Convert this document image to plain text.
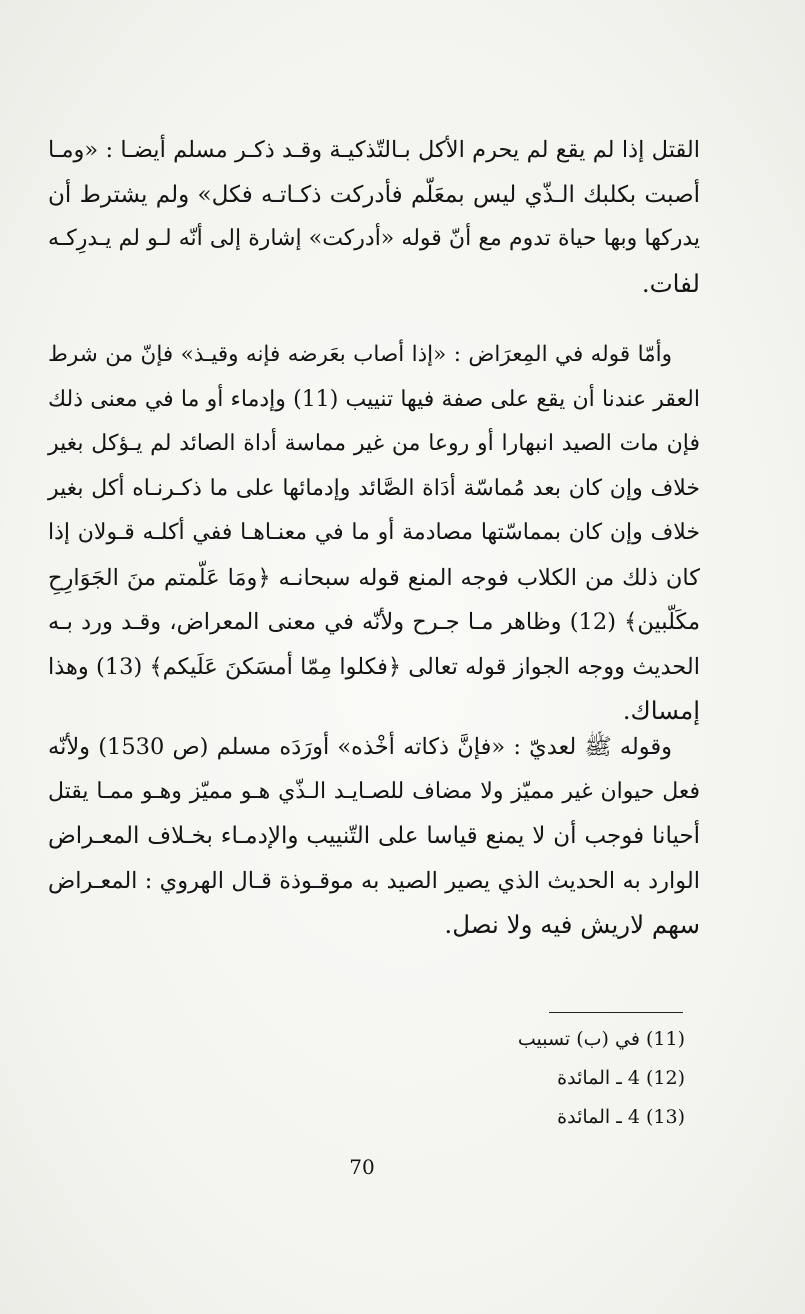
القتل إذا لم يقع لم يحرم الأكل بـالتّذكيـة وقـد ذكـر مسلم أيضـا : «ومـا
أصبت بكلبك الـذّي ليس بمعَلّم فأدركت ذكـاتـه فكل» ولم يشترط أن
يدركها وبها حياة تدوم مع أنّ قوله «أدركت» إشارة إلى أنّه لـو لم يـدرِكـه
لفات.
وأمّا قوله في المِعرَاض : «إذا أصاب بعَرضه فإنه وقيـذ» فإنّ من شرط
العقر عندنا أن يقع على صفة فيها تنييب (11) وإدماء أو ما في معنى ذلك
فإن مات الصيد انبهارا أو روعا من غير مماسة أداة الصائد لم يـؤكل بغير
خلاف وإن كان بعد مُماسّة أدَاة الصَّائد وإدمائها على ما ذكـرنـاه أكل بغير
خلاف وإن كان بمماسّتها مصادمة أو ما في معنـاهـا ففي أكلـه قـولان إذا
كان ذلك من الكلاب فوجه المنع قوله سبحانـه ﴿ومَا عَلّمتم منَ الجَوَارِحِ
مكَلّبين﴾ (12) وظاهر مـا جـرح ولأنّه في معنى المعراض، وقـد ورد بـه
الحديث ووجه الجواز قوله تعالى ﴿فكلوا مِمّا أمسَكنَ عَلَيكم﴾ (13) وهذا
إمساك.
وقوله ﷺ لعديّ : «فإنَّ ذكاته أخْذه» أورَدَه مسلم (ص 1530) ولأنّه
فعل حيوان غير مميّز ولا مضاف للصـايـد الـذّي هـو مميّز وهـو ممـا يقتل
أحيانا فوجب أن لا يمنع قياسا على التّنييب والإدمـاء بخـلاف المعـراض
الوارد به الحديث الذي يصير الصيد به موقـوذة قـال الهروي : المعـراض
سهم لاريش فيه ولا نصل.
(11) في (ب) تسبيب
(12) 4 ـ المائدة
(13) 4 ـ المائدة
70
